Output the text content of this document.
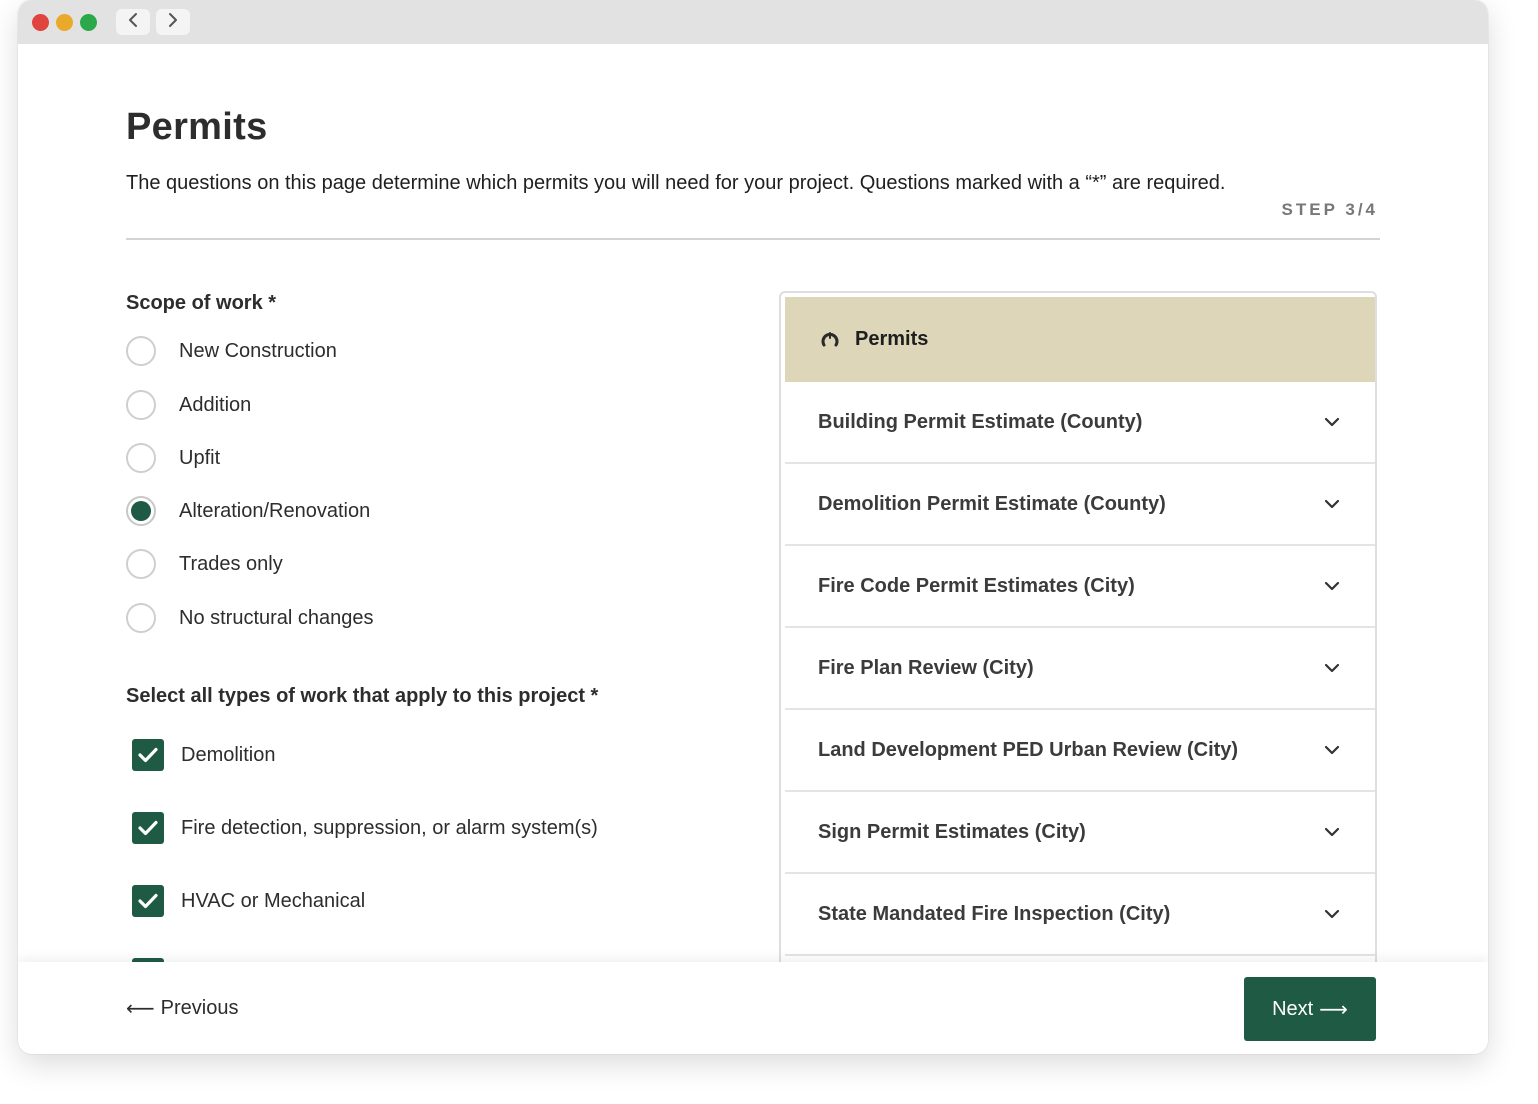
Permits

The questions on this page determine which permits you will need for your project. Questions marked with a “*” are required.

STEP 3/4
Scope of work *
New Construction
Addition
Upfit
Alteration/Renovation
Trades only
No structural changes
Select all types of work that apply to this project *
Demolition
Fire detection, suppression, or alarm system(s)
HVAC or Mechanical
Permits
Building Permit Estimate (County)
Demolition Permit Estimate (County)
Fire Code Permit Estimates (City)
Fire Plan Review (City)
Land Development PED Urban Review (City)
Sign Permit Estimates (City)
State Mandated Fire Inspection (City)
⟵ Previous	Next ⟶
